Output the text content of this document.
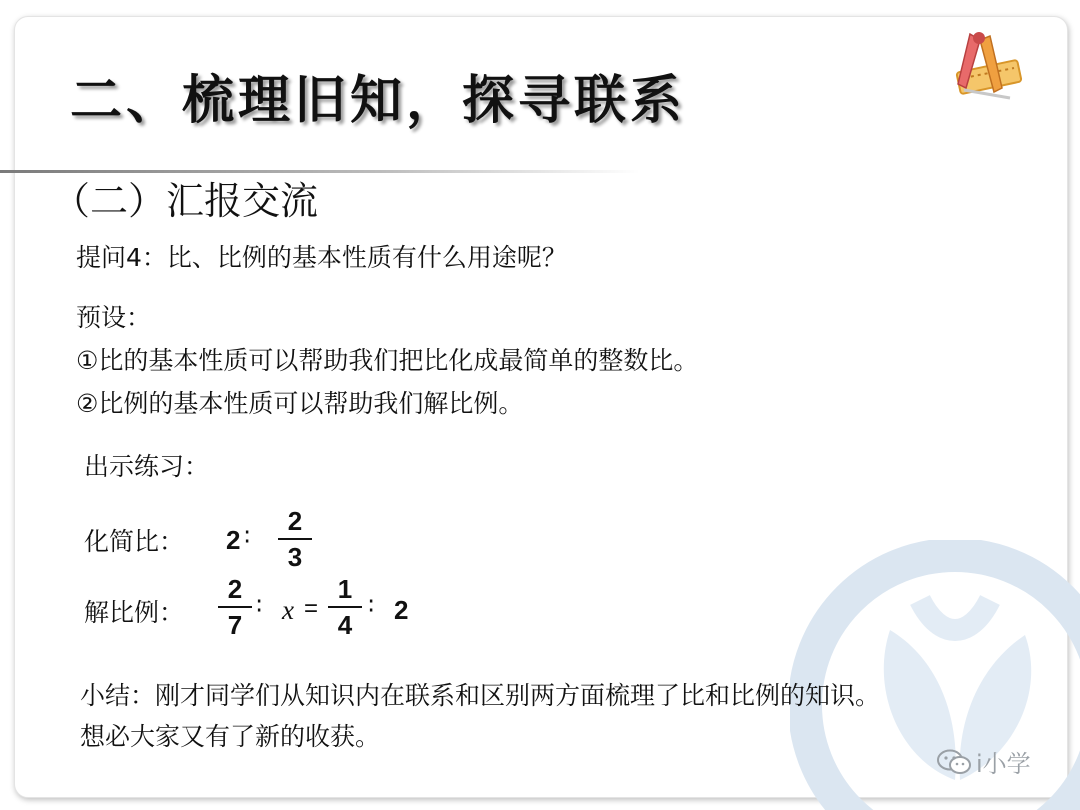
二、梳理旧知，探寻联系
（二）汇报交流
提问4：比、比例的基本性质有什么用途呢？
预设：
①比的基本性质可以帮助我们把比化成最简单的整数比。
②比例的基本性质可以帮助我们解比例。
出示练习：
化简比： 2 ∶
2
3
解比例：
2
7
∶ x =
1
4
∶ 2
小结：刚才同学们从知识内在联系和区别两方面梳理了比和比例的知识。
想必大家又有了新的收获。
i小学
